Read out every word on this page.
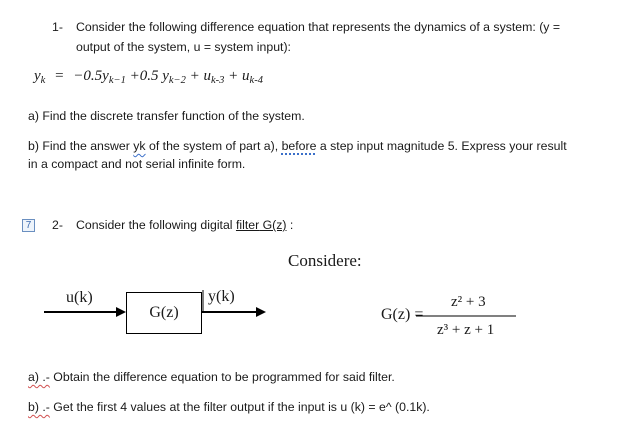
1- Consider the following difference equation that represents the dynamics of a system: (y =
output of the system, u = system input):
$y_k = -0.5y_{k-1} +0.5$ $y_{k-2} + u_{k-3} + u_{k-4}$
a) Find the discrete transfer function of the system.
b) Find the answer yk of the system of part a), before a step input magnitude 5. Express your result
in a compact and not serial infinite form.
7	2- Consider the following digital filter G(z) :
Considere:
u(k)
G(z)
y(k)
G(z) =
z² + 3
z³ + z + 1
a) .- Obtain the difference equation to be programmed for said filter.
b) .- Get the first 4 values at the filter output if the input is u (k) = e^ (0.1k).
